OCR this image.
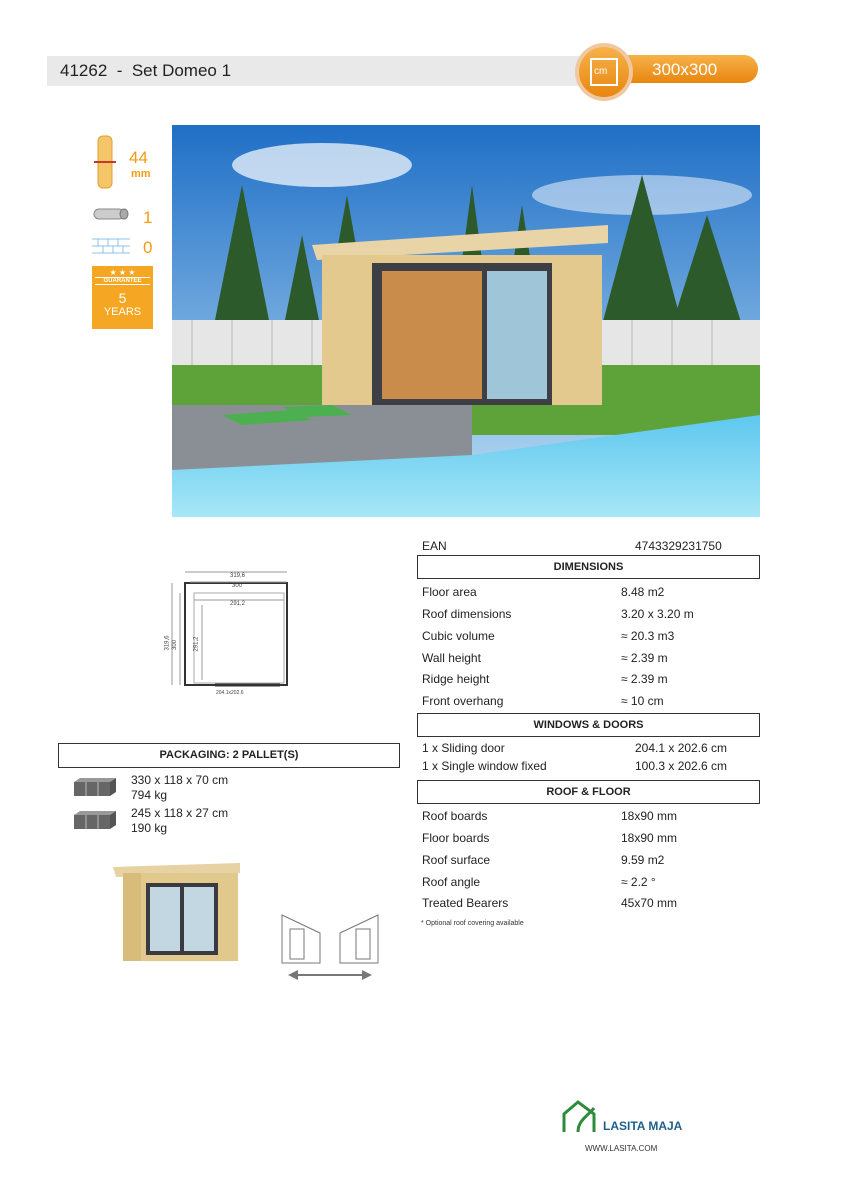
41262  -  Set Domeo 1	cm	300x300
44
mm
1
0
★ ★ ★
GUARANTEE
5
YEARS
319,6
300
291,2
319,6 300	291,2
204.1x202.6
EAN	4743329231750
DIMENSIONS
Floor area	8.48 m2
Roof dimensions	3.20 x 3.20 m
Cubic volume	≈ 20.3 m3
Wall height	≈ 2.39 m
Ridge height	≈ 2.39 m
Front overhang	≈ 10 cm
WINDOWS & DOORS
1 x Sliding door	204.1 x 202.6 cm
1 x Single window fixed	100.3 x 202.6 cm
ROOF & FLOOR
Roof boards	18x90 mm
Floor boards	18x90 mm
Roof surface	9.59 m2
Roof angle	≈ 2.2 °
Treated Bearers	45x70 mm
* Optional roof covering available
PACKAGING: 2 PALLET(S)
330 x 118 x 70 cm
794 kg
245 x 118 x 27 cm
190 kg
LASITA MAJA
WWW.LASITA.COM
